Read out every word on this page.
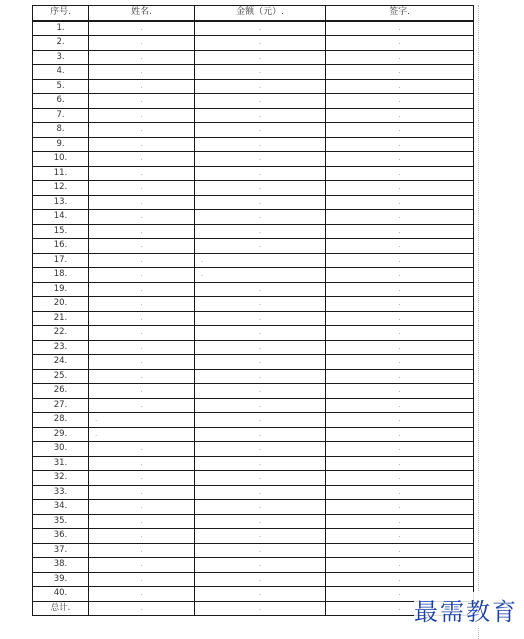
序号.	姓名.	金额（元）.	签字.
1.	.	.	.
2.	.	.	.
3.	.	.	.
4.	.	.	.
5.	.	.	.
6.	.	.	.
7.	.	.	.
8.	.	.	.
9.	.	.	.
10.	.	.	.
11.	.	.	.
12.	.	.	.
13.	.	.	.
14.	.	.	.
15.	.	.	.
16.	.	.	.
17.	.	.	.
18.	.	.	.
19.	.	.	.
20.	.	.	.
21.	.	.	.
22.	.	.	.
23.	.	.	.
24.	.	.	.
25.	.	.	.
26.	.	.	.
27.	.	.	.
28.	.	.	.
29.	.	.	.
30.	.	.	.
31.	.	.	.
32.	.	.	.
33.	.	.	.
34.	.	.	.
35.	.	.	.
36.	.	.	.
37.	.	.	.
38.	.	.	.
39.	.	.	.
40.	.	.	.
总计.	.	.	. 最需教育
